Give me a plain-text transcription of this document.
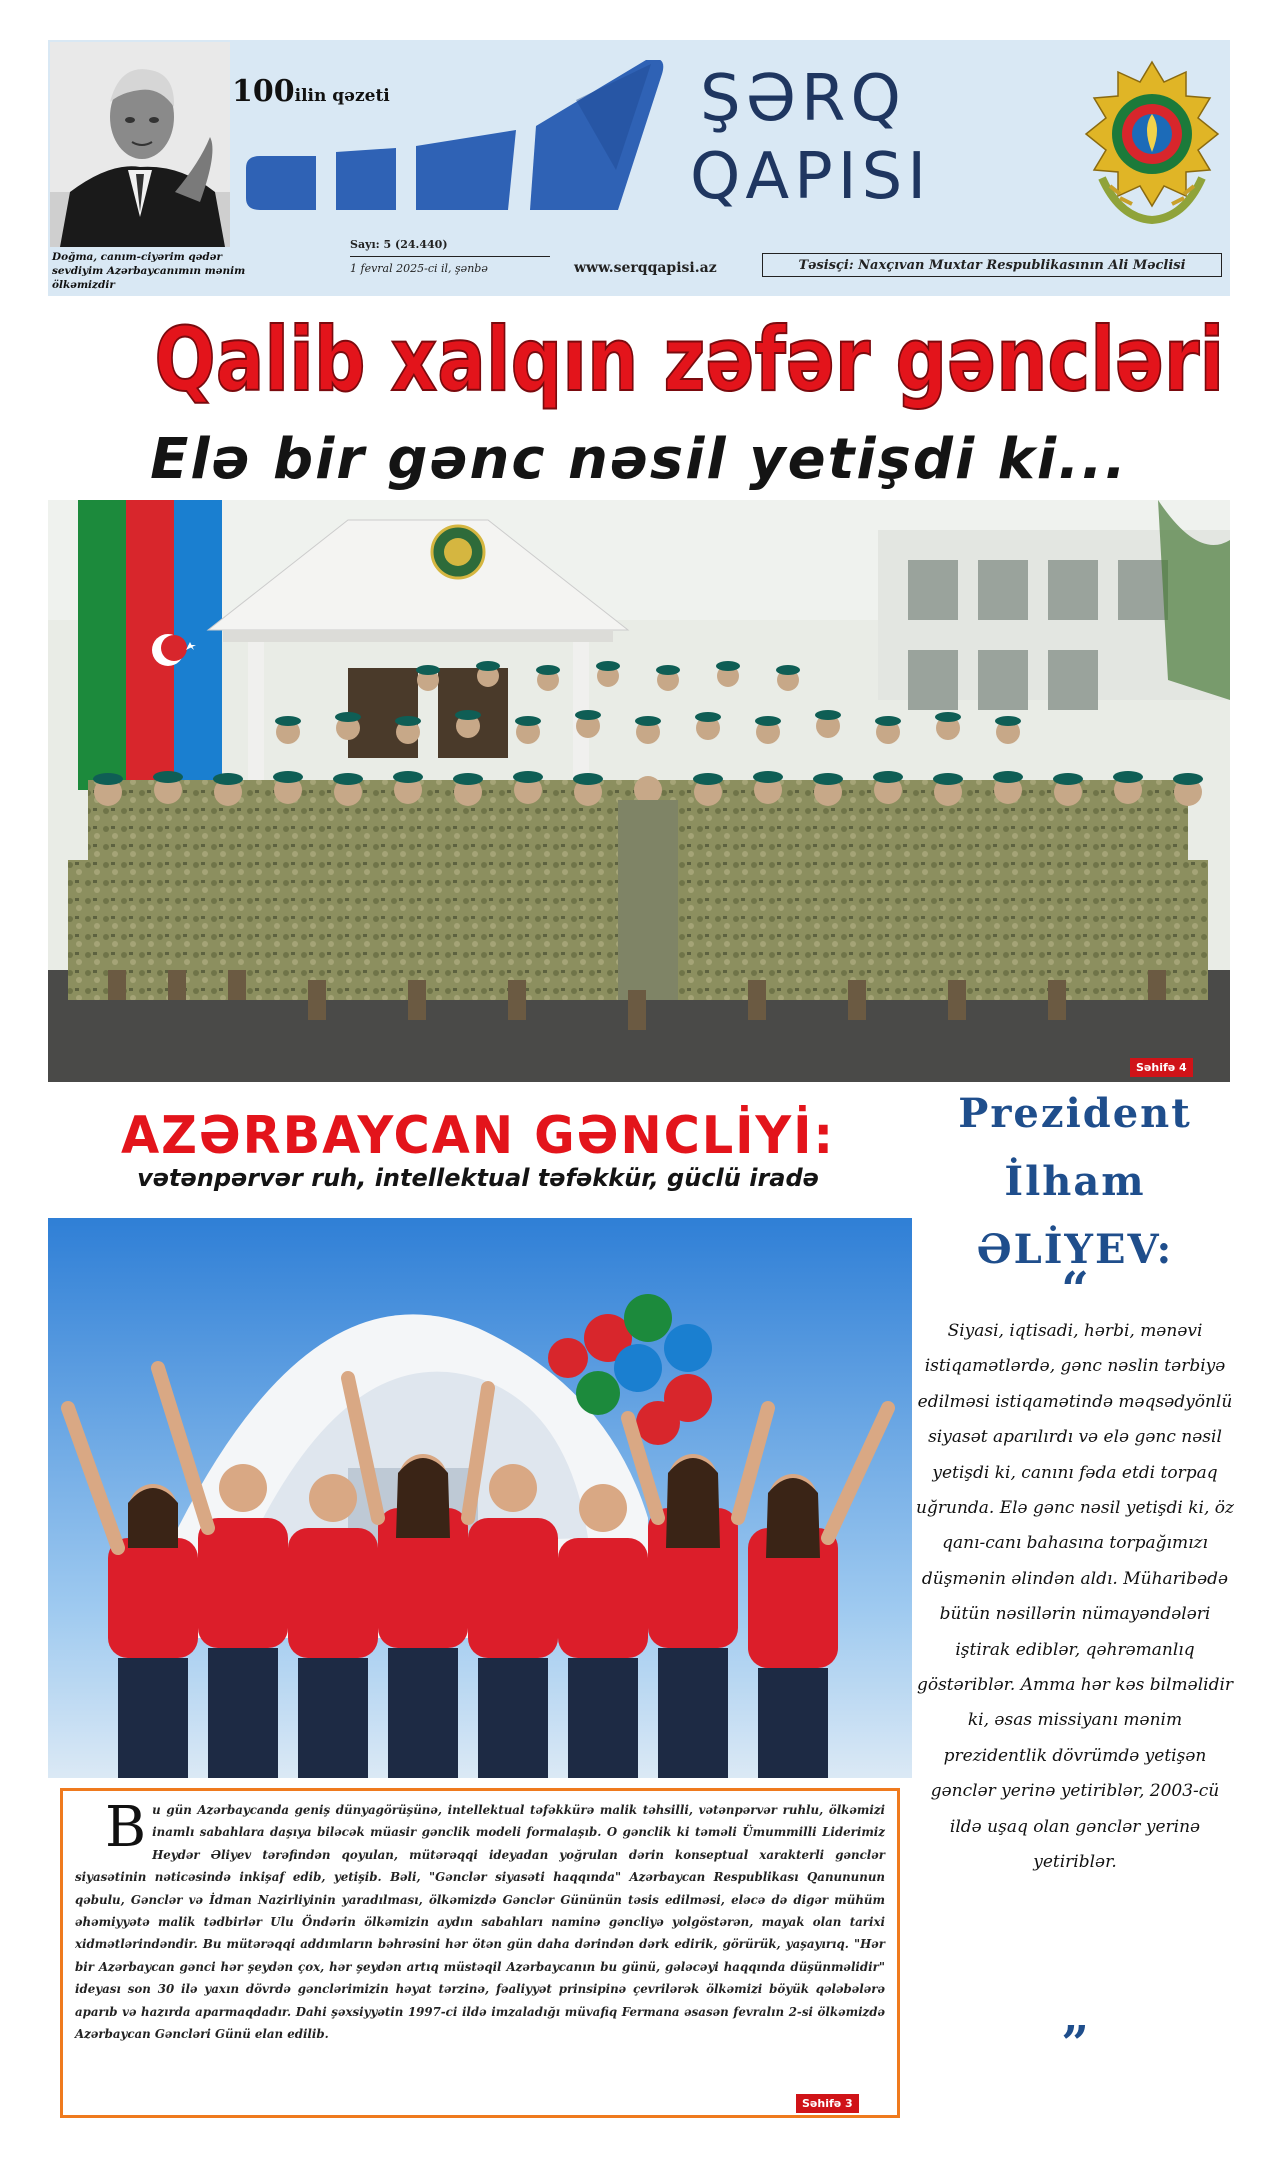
Doğma, canım-ciyərim qədər sevdiyim Azərbaycanımın mənim ölkəmizdir
100ilin qəzeti	ŞƏRQ
QAPISI
Sayı: 5 (24.440)
1 fevral 2025-ci il, şənbə	www.serqqapisi.az	Təsisçi: Naxçıvan Muxtar Respublikasının Ali Məclisi
Qalib xalqın zəfər gəncləri
Elə bir gənc nəsil yetişdi ki...
Səhifə 4
AZƏRBAYCAN GƏNCLİYİ:
vətənpərvər ruh, intellektual təfəkkür, güclü iradə
B u gün Azərbaycanda geniş dünyagörüşünə, intellektual təfəkkürə malik təhsilli, vətənpərvər ruhlu, ölkəmizi inamlı sabahlara daşıya biləcək müasir gənclik modeli formalaşıb. O gənclik ki təməli Ümummilli Liderimiz Heydər Əliyev tərəfindən qoyulan, mütərəqqi ideyadan yoğrulan dərin konseptual xarakterli gənclər siyasətinin nəticəsində inkişaf edib, yetişib. Bəli, "Gənclər siyasəti haqqında" Azərbaycan Respublikası Qanununun qəbulu, Gənclər və İdman Nazirliyinin yaradılması, ölkəmizdə Gənclər Gününün təsis edilməsi, eləcə də digər mühüm əhəmiyyətə malik tədbirlər Ulu Öndərin ölkəmizin aydın sabahları naminə gəncliyə yolgöstərən, mayak olan tarixi xidmətlərindəndir. Bu mütərəqqi addımların bəhrəsini hər ötən gün daha dərindən dərk edirik, görürük, yaşayırıq. "Hər bir Azərbaycan gənci hər şeydən çox, hər şeydən artıq müstəqil Azərbaycanın bu günü, gələcəyi haqqında düşünməlidir" ideyası son 30 ilə yaxın dövrdə gənclərimizin həyat tərzinə, fəaliyyət prinsipinə çevrilərək ölkəmizi böyük qələbələrə aparıb və hazırda aparmaqdadır. Dahi şəxsiyyətin 1997-ci ildə imzaladığı müvafiq Fermana əsasən fevralın 2-si ölkəmizdə Azərbaycan Gəncləri Günü elan edilib.
Səhifə 3
Prezident
İlham
ƏLİYEV:
“
Siyasi, iqtisadi, hərbi, mənəvi istiqamətlərdə, gənc nəslin tərbiyə edilməsi istiqamətində məqsədyönlü siyasət aparılırdı və elə gənc nəsil yetişdi ki, canını fəda etdi torpaq uğrunda. Elə gənc nəsil yetişdi ki, öz qanı-canı bahasına torpağımızı düşmənin əlindən aldı. Müharibədə bütün nəsillərin nümayəndələri iştirak ediblər, qəhrəmanlıq göstəriblər. Amma hər kəs bilməlidir ki, əsas missiyanı mənim prezidentlik dövrümdə yetişən gənclər yerinə yetiriblər, 2003-cü ildə uşaq olan gənclər yerinə yetiriblər.
”
